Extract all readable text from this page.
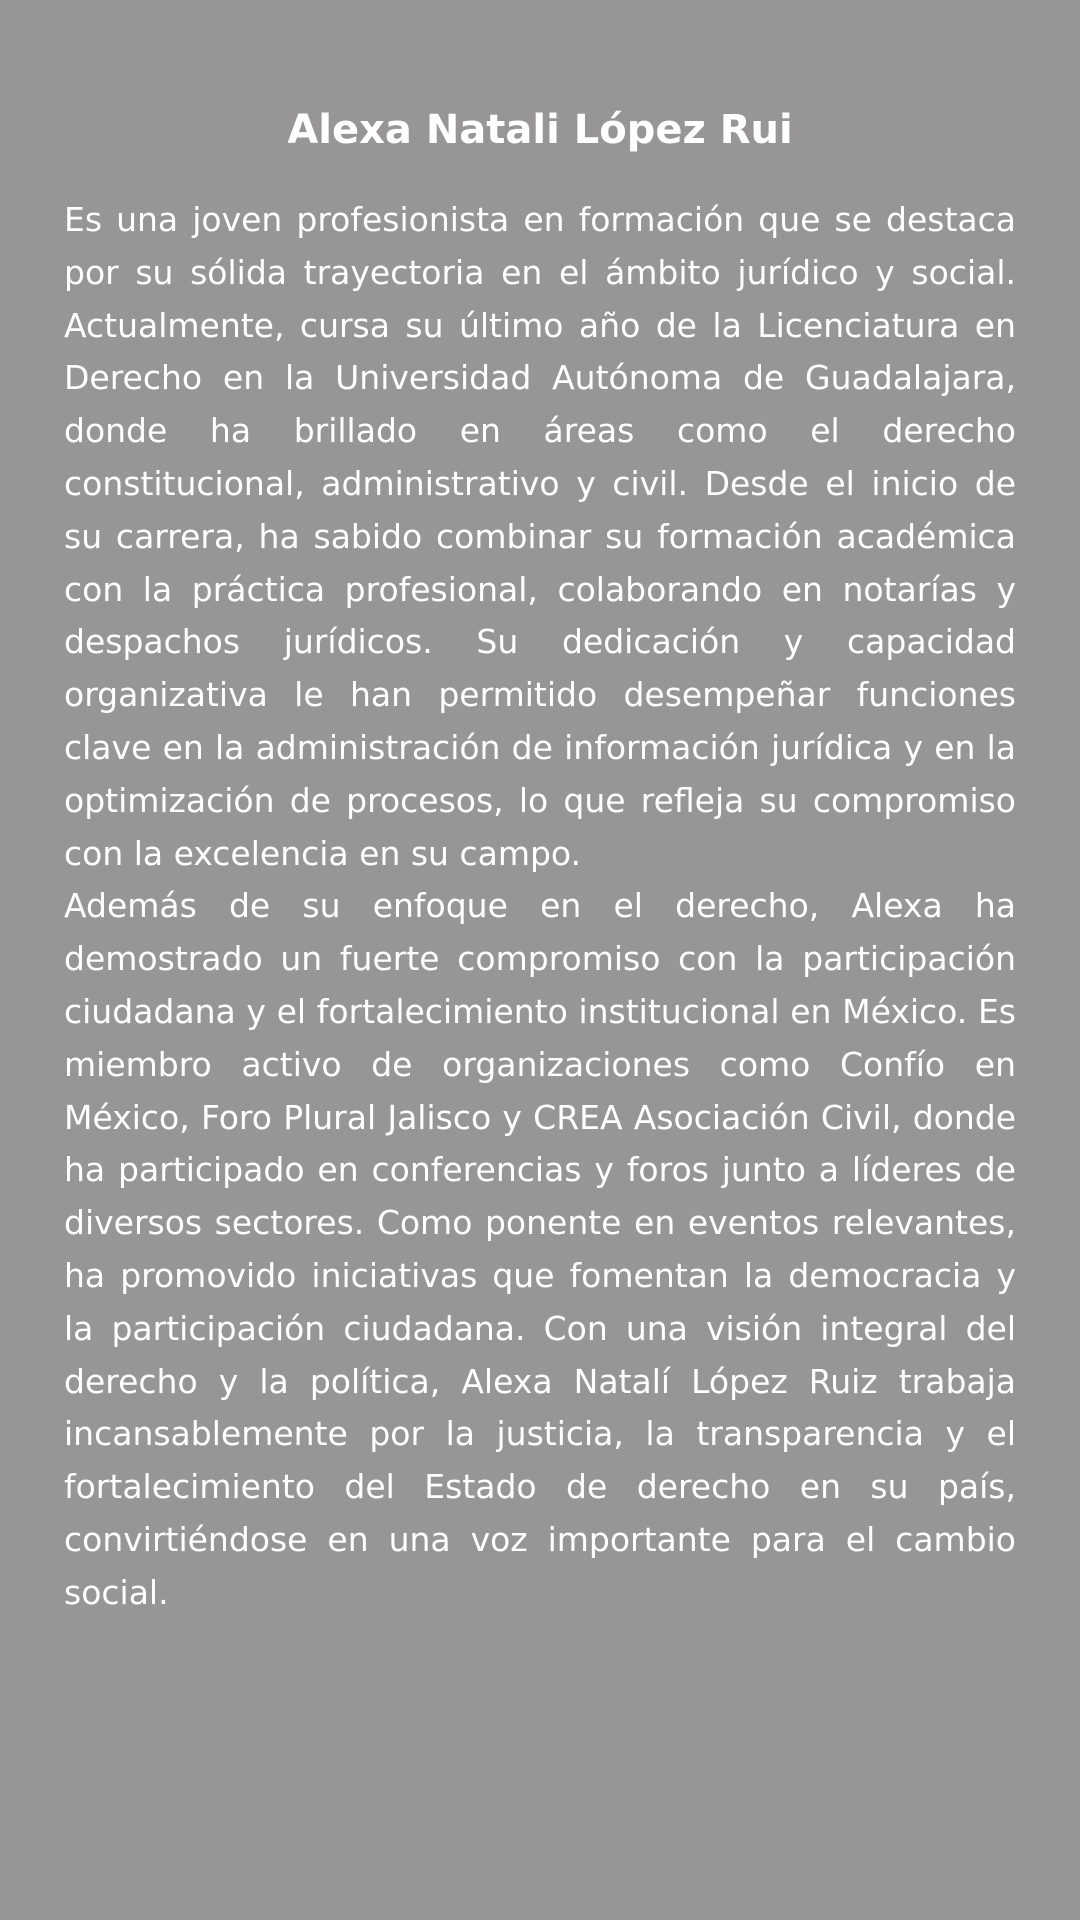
Alexa Natali López Rui

Es una joven profesionista en formación que se destaca por su sólida trayectoria en el ámbito jurídico y social. Actualmente, cursa su último año de la Licenciatura en Derecho en la Universidad Autónoma de Guadalajara, donde ha brillado en áreas como el derecho constitucional, administrativo y civil. Desde el inicio de su carrera, ha sabido combinar su formación académica con la práctica profesional, colaborando en notarías y despachos jurídicos. Su dedicación y capacidad organizativa le han permitido desempeñar funciones clave en la administración de información jurídica y en la optimización de procesos, lo que refleja su compromiso con la excelencia en su campo.

Además de su enfoque en el derecho, Alexa ha demostrado un fuerte compromiso con la participación ciudadana y el fortalecimiento institucional en México. Es miembro activo de organizaciones como Confío en México, Foro Plural Jalisco y CREA Asociación Civil, donde ha participado en conferencias y foros junto a líderes de diversos sectores. Como ponente en eventos relevantes, ha promovido iniciativas que fomentan la democracia y la participación ciudadana. Con una visión integral del derecho y la política, Alexa Natalí López Ruiz trabaja incansablemente por la justicia, la transparencia y el fortalecimiento del Estado de derecho en su país, convirtiéndose en una voz importante para el cambio social.
